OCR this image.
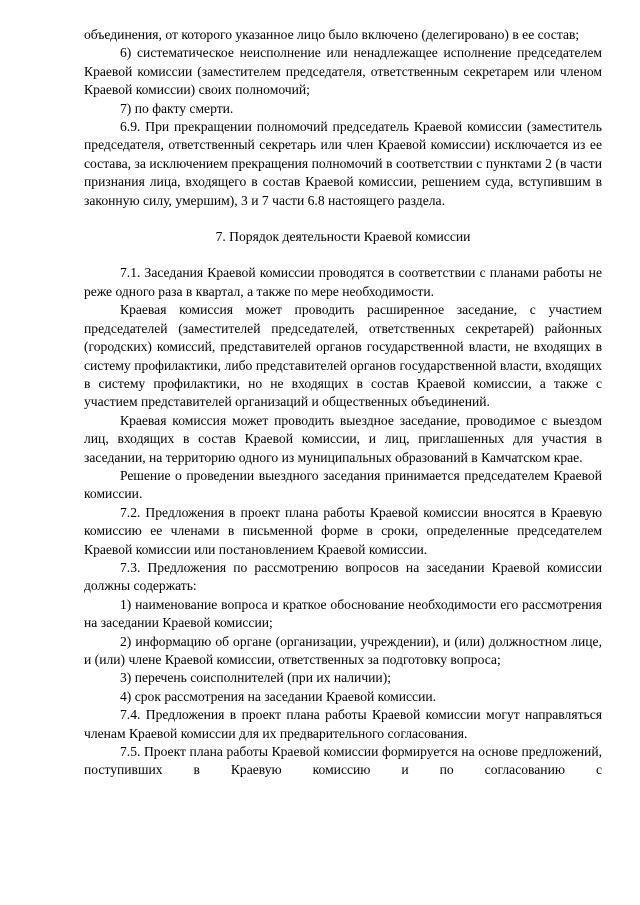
объединения, от которого указанное лицо было включено (делегировано) в ее состав;

6) систематическое неисполнение или ненадлежащее исполнение председателем Краевой комиссии (заместителем председателя, ответственным секретарем или членом Краевой комиссии) своих полномочий;

7) по факту смерти.

6.9. При прекращении полномочий председатель Краевой комиссии (заместитель председателя, ответственный секретарь или член Краевой комиссии) исключается из ее состава, за исключением прекращения полномочий в соответствии с пунктами 2 (в части признания лица, входящего в состав Краевой комиссии, решением суда, вступившим в законную силу, умершим), 3 и 7 части 6.8 настоящего раздела.

7. Порядок деятельности Краевой комиссии

7.1. Заседания Краевой комиссии проводятся в соответствии с планами работы не реже одного раза в квартал, а также по мере необходимости.

Краевая комиссия может проводить расширенное заседание, с участием председателей (заместителей председателей, ответственных секретарей) районных (городских) комиссий, представителей органов государственной власти, не входящих в систему профилактики, либо представителей органов государственной власти, входящих в систему профилактики, но не входящих в состав Краевой комиссии, а также с участием представителей организаций и общественных объединений.

Краевая комиссия может проводить выездное заседание, проводимое с выездом лиц, входящих в состав Краевой комиссии, и лиц, приглашенных для участия в заседании, на территорию одного из муниципальных образований в Камчатском крае.

Решение о проведении выездного заседания принимается председателем Краевой комиссии.

7.2. Предложения в проект плана работы Краевой комиссии вносятся в Краевую комиссию ее членами в письменной форме в сроки, определенные председателем Краевой комиссии или постановлением Краевой комиссии.

7.3. Предложения по рассмотрению вопросов на заседании Краевой комиссии должны содержать:

1) наименование вопроса и краткое обоснование необходимости его рассмотрения на заседании Краевой комиссии;

2) информацию об органе (организации, учреждении), и (или) должностном лице, и (или) члене Краевой комиссии, ответственных за подготовку вопроса;

3) перечень соисполнителей (при их наличии);

4) срок рассмотрения на заседании Краевой комиссии.

7.4. Предложения в проект плана работы Краевой комиссии могут направляться членам Краевой комиссии для их предварительного согласования.

7.5. Проект плана работы Краевой комиссии формируется на основе предложений, поступивших в Краевую комиссию и по согласованию с
